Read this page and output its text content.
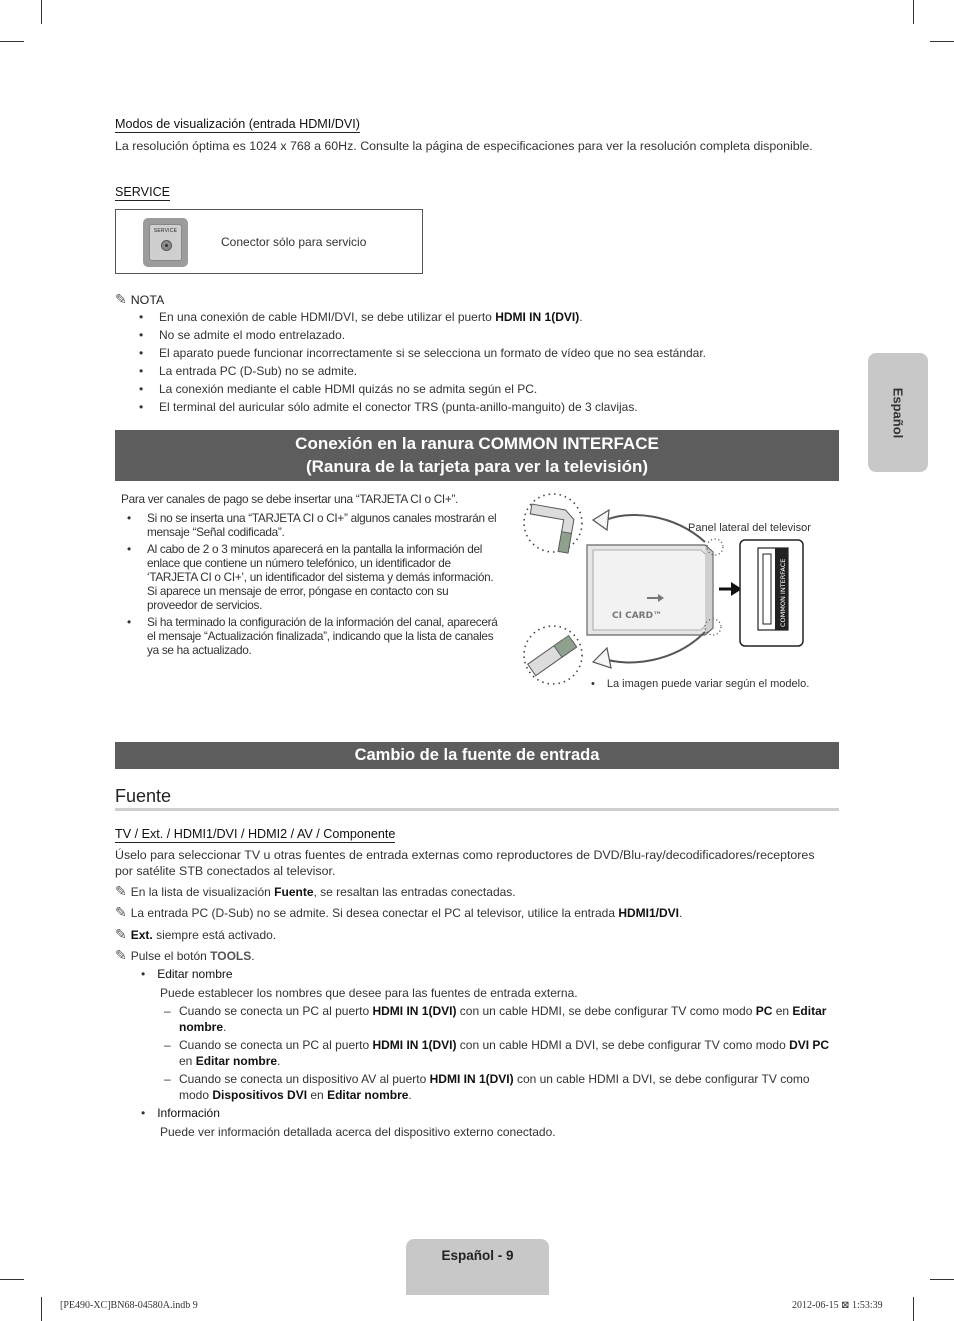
Modos de visualización (entrada HDMI/DVI)
La resolución óptima es 1024 x 768 a 60Hz. Consulte la página de especificaciones para ver la resolución completa disponible.
SERVICE
SERVICE
Conector sólo para servicio
✎ NOTA
• En una conexión de cable HDMI/DVI, se debe utilizar el puerto HDMI IN 1(DVI).
• No se admite el modo entrelazado.
• El aparato puede funcionar incorrectamente si se selecciona un formato de vídeo que no sea estándar.
• La entrada PC (D-Sub) no se admite.
• La conexión mediante el cable HDMI quizás no se admita según el PC.
• El terminal del auricular sólo admite el conector TRS (punta-anillo-manguito) de 3 clavijas.
Conexión en la ranura COMMON INTERFACE
(Ranura de la tarjeta para ver la televisión)
Para ver canales de pago se debe insertar una “TARJETA CI o CI+”.
• Si no se inserta una “TARJETA CI o CI+” algunos canales mostrarán el mensaje “Señal codificada”.
• Al cabo de 2 o 3 minutos aparecerá en la pantalla la información del enlace que contiene un número telefónico, un identificador de ‘TARJETA CI o CI+’, un identificador del sistema y demás información. Si aparece un mensaje de error, póngase en contacto con su proveedor de servicios.
• Si ha terminado la configuración de la información del canal, aparecerá el mensaje “Actualización finalizada”, indicando que la lista de canales ya se ha actualizado.
CI CARD™	COMMON INTERFACE
Panel lateral del televisor
• La imagen puede variar según el modelo.
Cambio de la fuente de entrada
Fuente
TV / Ext. / HDMI1/DVI / HDMI2 / AV / Componente
Úselo para seleccionar TV u otras fuentes de entrada externas como reproductores de DVD/Blu-ray/decodificadores/receptores por satélite STB conectados al televisor.
✎ En la lista de visualización Fuente, se resaltan las entradas conectadas.
✎ La entrada PC (D-Sub) no se admite. Si desea conectar el PC al televisor, utilice la entrada HDMI1/DVI.
✎ Ext. siempre está activado.
✎ Pulse el botón TOOLS.
• Editar nombre
Puede establecer los nombres que desee para las fuentes de entrada externa.
– Cuando se conecta un PC al puerto HDMI IN 1(DVI) con un cable HDMI, se debe configurar TV como modo PC en Editar nombre.
– Cuando se conecta un PC al puerto HDMI IN 1(DVI) con un cable HDMI a DVI, se debe configurar TV como modo DVI PC en Editar nombre.
– Cuando se conecta un dispositivo AV al puerto HDMI IN 1(DVI) con un cable HDMI a DVI, se debe configurar TV como modo Dispositivos DVI en Editar nombre.
• Información
Puede ver información detallada acerca del dispositivo externo conectado.
Español
Español - 9
[PE490-XC]BN68-04580A.indb 9	2012-06-15 ⊠ 1:53:39
